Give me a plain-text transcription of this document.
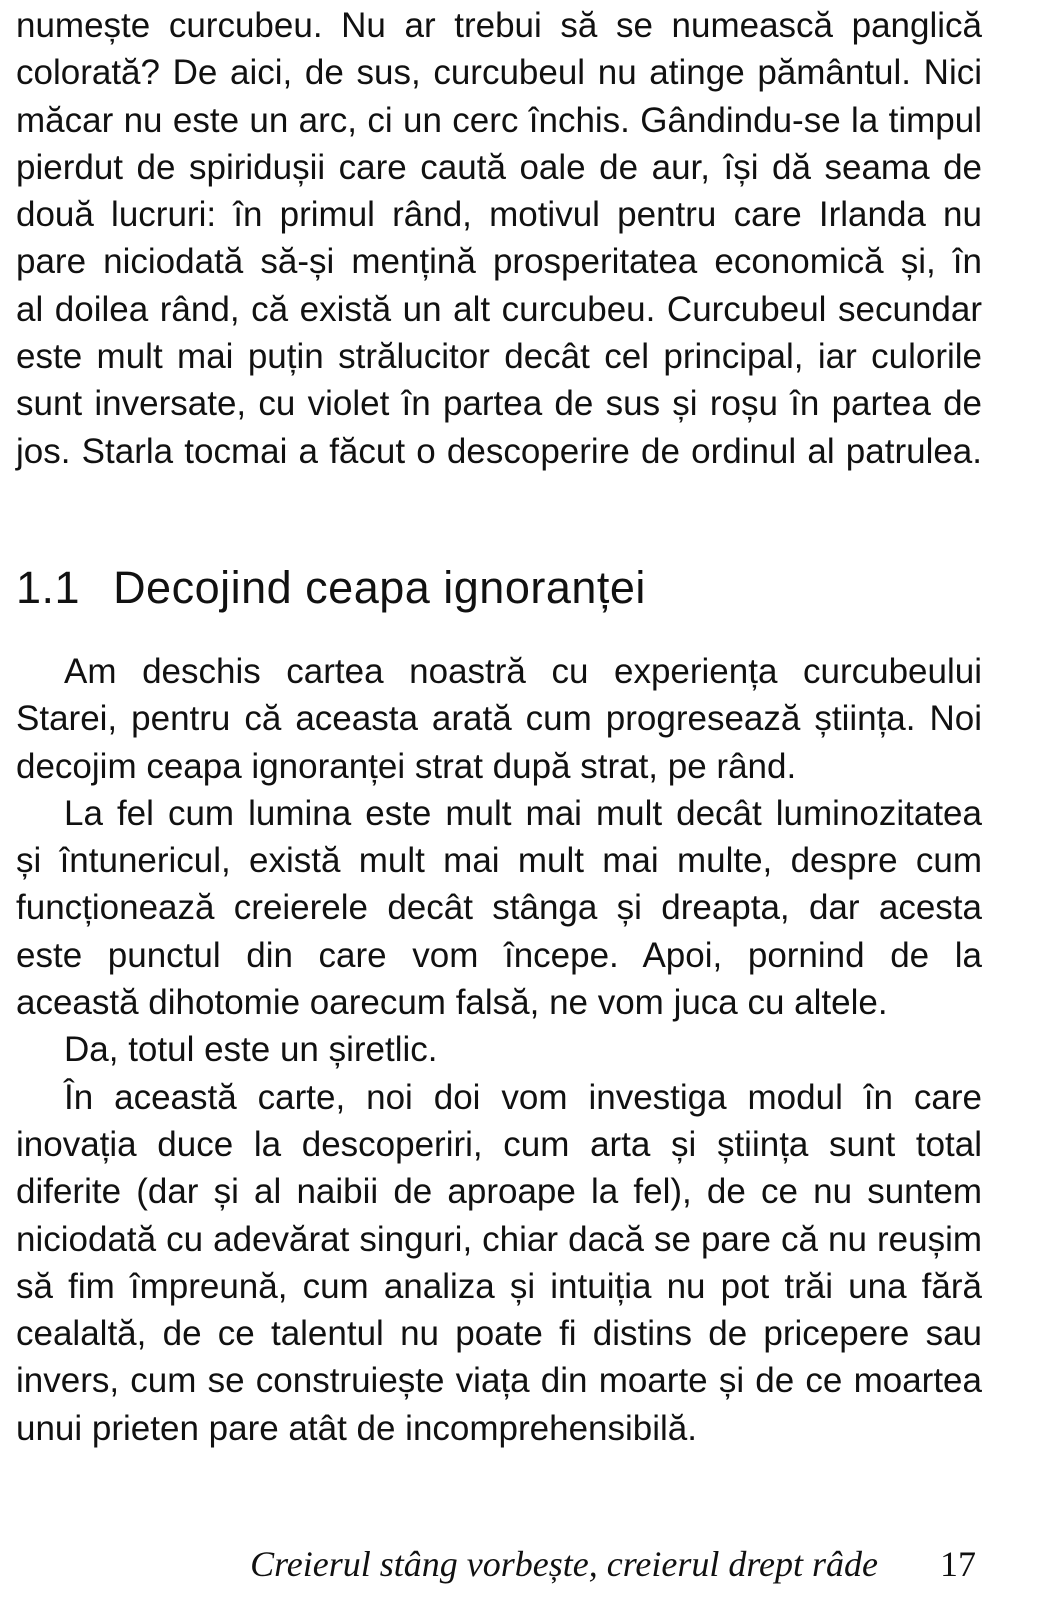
numește curcubeu. Nu ar trebui să se numească panglică
colorată? De aici, de sus, curcubeul nu atinge pământul. Nici
măcar nu este un arc, ci un cerc închis. Gândindu-se la timpul
pierdut de spiridușii care caută oale de aur, își dă seama de
două lucruri: în primul rând, motivul pentru care Irlanda nu
pare niciodată să-și mențină prosperitatea economică și, în
al doilea rând, că există un alt curcubeu. Curcubeul secundar
este mult mai puțin strălucitor decât cel principal, iar culorile
sunt inversate, cu violet în partea de sus și roșu în partea de
jos. Starla tocmai a făcut o descoperire de ordinul al patrulea.
1.1 Decojind ceapa ignoranței
Am deschis cartea noastră cu experiența curcubeului
Starei, pentru că aceasta arată cum progresează știința. Noi
decojim ceapa ignoranței strat după strat, pe rând.
La fel cum lumina este mult mai mult decât luminozitatea
și întunericul, există mult mai mult mai multe, despre cum
funcționează creierele decât stânga și dreapta, dar acesta
este punctul din care vom începe. Apoi, pornind de la
această dihotomie oarecum falsă, ne vom juca cu altele.
Da, totul este un șiretlic.
În această carte, noi doi vom investiga modul în care
inovația duce la descoperiri, cum arta și știința sunt total
diferite (dar și al naibii de aproape la fel), de ce nu suntem
niciodată cu adevărat singuri, chiar dacă se pare că nu reușim
să fim împreună, cum analiza și intuiția nu pot trăi una fără
cealaltă, de ce talentul nu poate fi distins de pricepere sau
invers, cum se construiește viața din moarte și de ce moartea
unui prieten pare atât de incomprehensibilă.
Creierul stâng vorbește, creierul drept râde 17
